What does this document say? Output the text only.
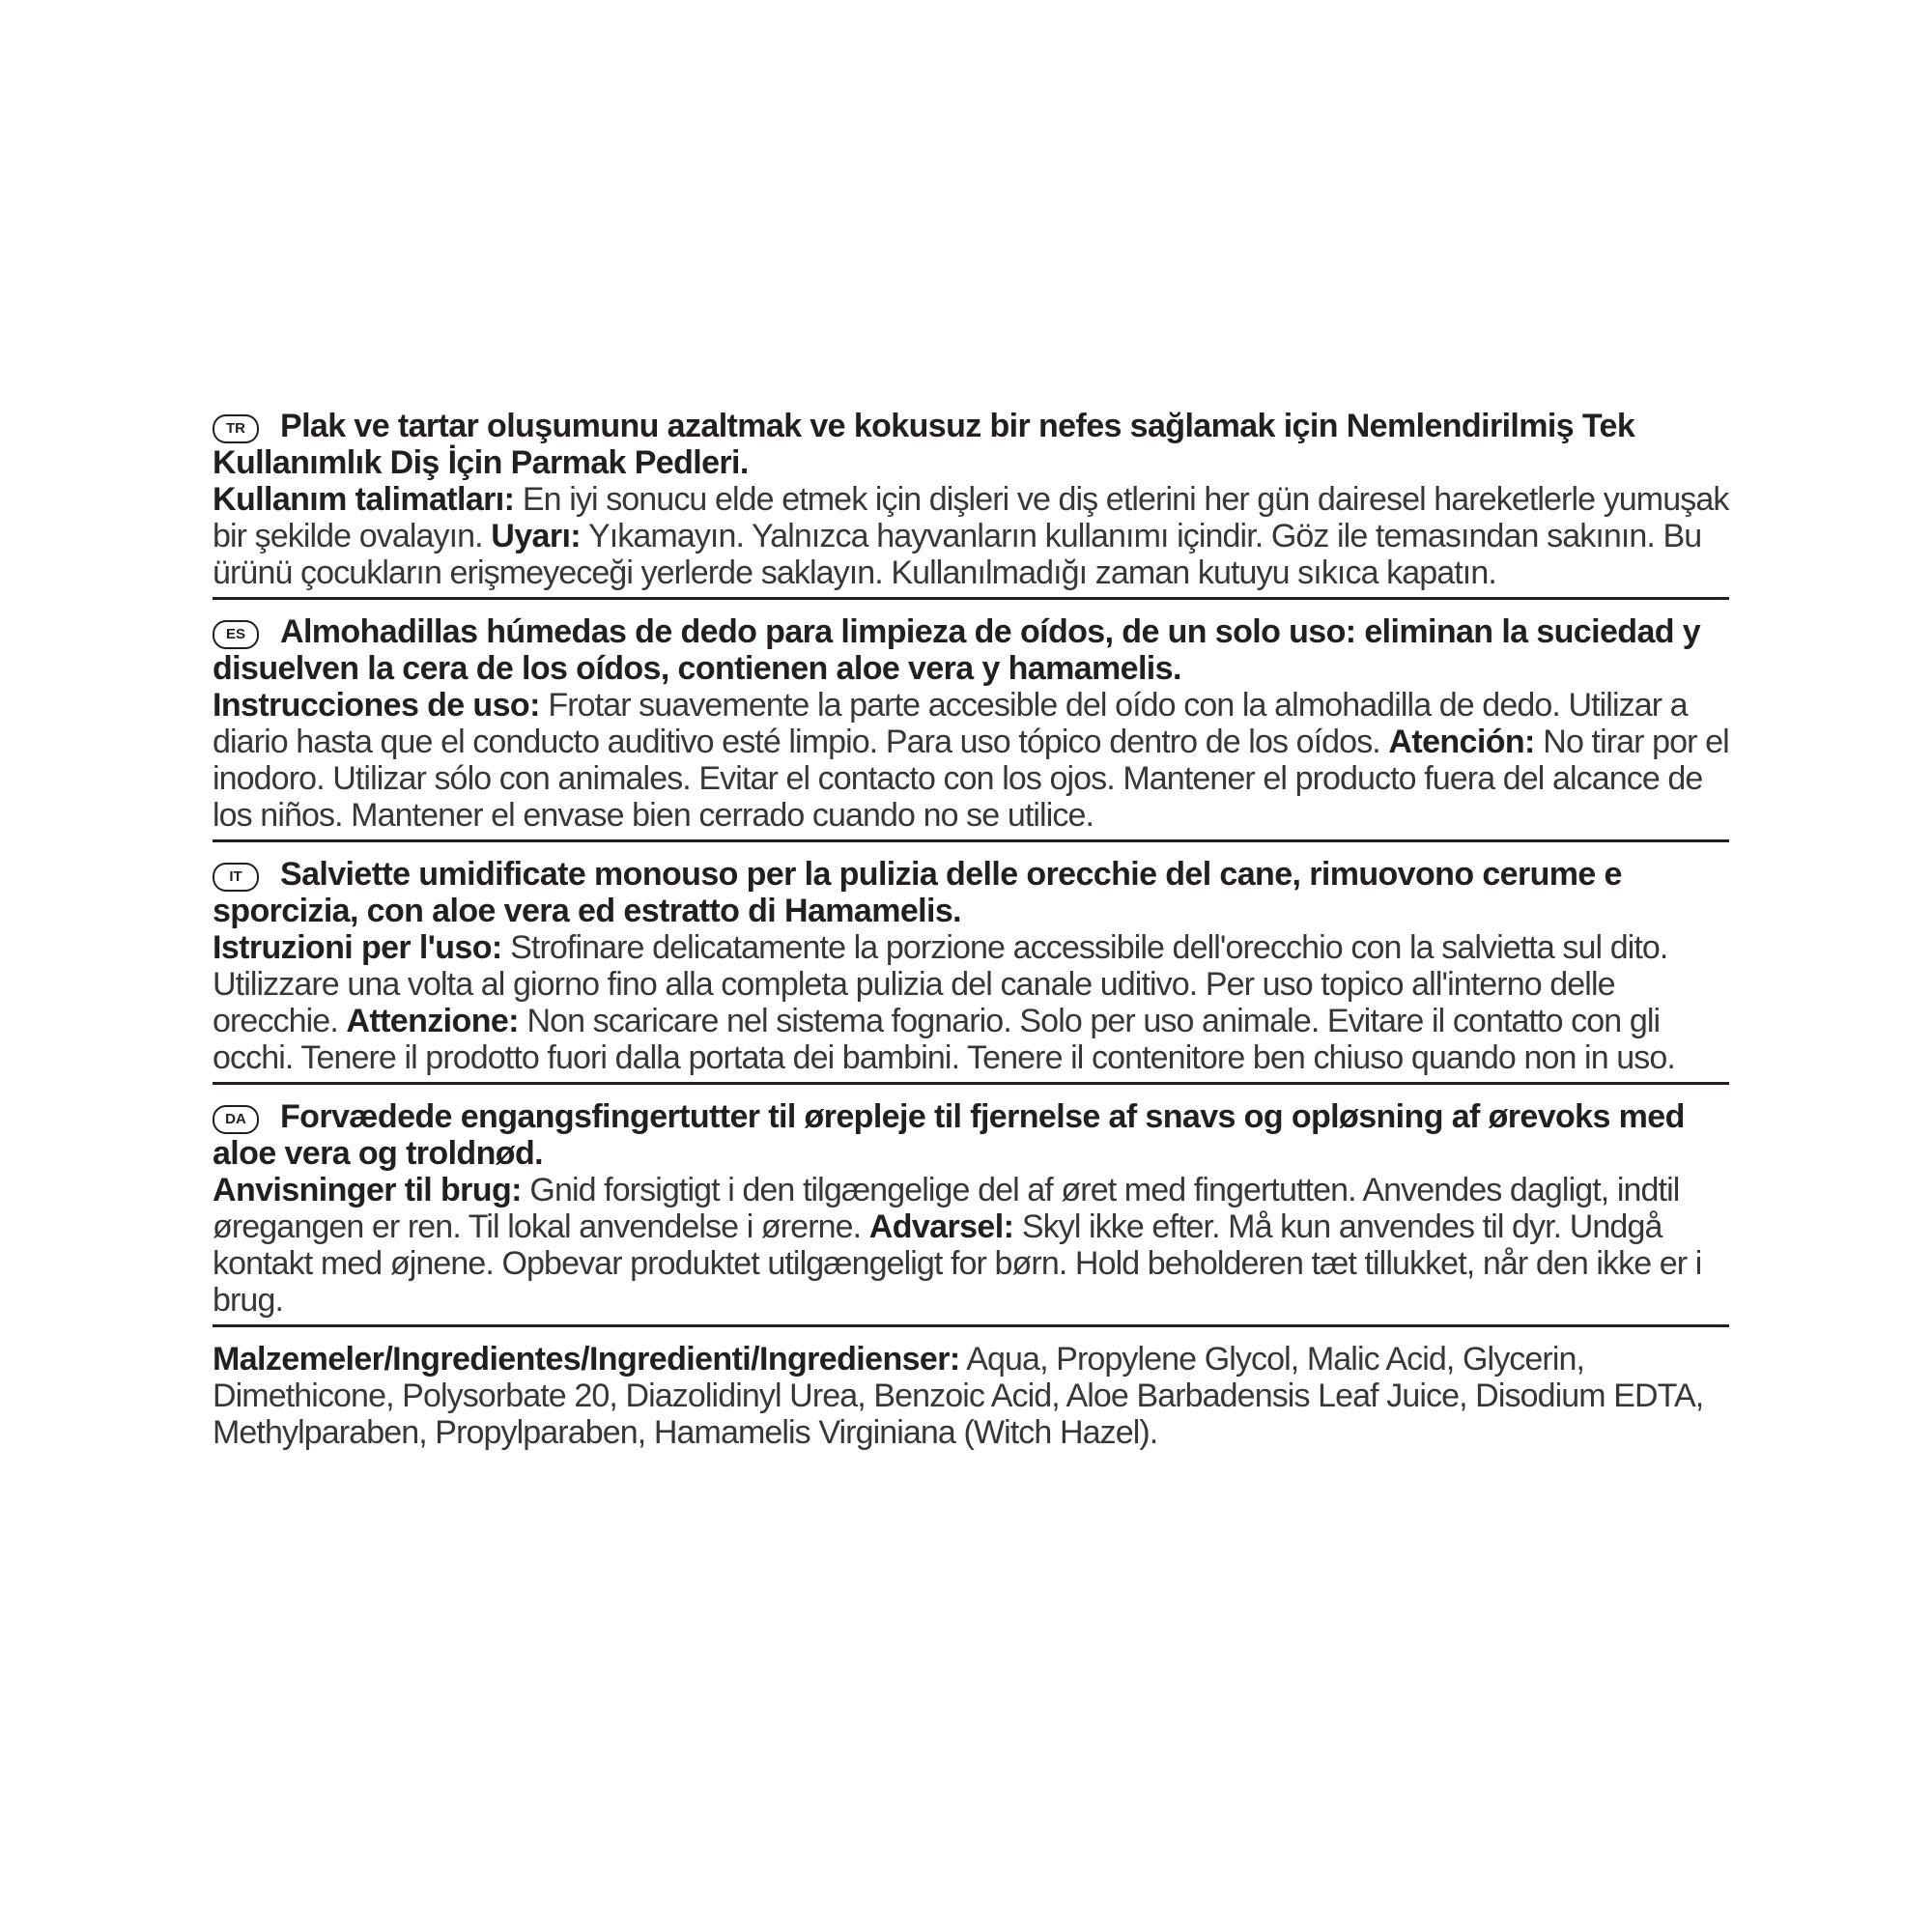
TR Plak ve tartar oluşumunu azaltmak ve kokusuz bir nefes sağlamak için Nemlendirilmiş Tek Kullanımlık Diş İçin Parmak Pedleri.

Kullanım talimatları: En iyi sonucu elde etmek için dişleri ve diş etlerini her gün dairesel hareketlerle yumuşak bir şekilde ovalayın. Uyarı: Yıkamayın. Yalnızca hayvanların kullanımı içindir. Göz ile temasından sakının. Bu ürünü çocukların erişmeyeceği yerlerde saklayın. Kullanılmadığı zaman kutuyu sıkıca kapatın.

ES Almohadillas húmedas de dedo para limpieza de oídos, de un solo uso: eliminan la suciedad y disuelven la cera de los oídos, contienen aloe vera y hamamelis.

Instrucciones de uso: Frotar suavemente la parte accesible del oído con la almohadilla de dedo. Utilizar a diario hasta que el conducto auditivo esté limpio. Para uso tópico dentro de los oídos. Atención: No tirar por el inodoro. Utilizar sólo con animales. Evitar el contacto con los ojos. Mantener el producto fuera del alcance de los niños. Mantener el envase bien cerrado cuando no se utilice.

IT Salviette umidificate monouso per la pulizia delle orecchie del cane, rimuovono cerume e sporcizia, con aloe vera ed estratto di Hamamelis.

Istruzioni per l'uso: Strofinare delicatamente la porzione accessibile dell'orecchio con la salvietta sul dito. Utilizzare una volta al giorno fino alla completa pulizia del canale uditivo. Per uso topico all'interno delle orecchie. Attenzione: Non scaricare nel sistema fognario. Solo per uso animale. Evitare il contatto con gli occhi. Tenere il prodotto fuori dalla portata dei bambini. Tenere il contenitore ben chiuso quando non in uso.

DA Forvædede engangsfingertutter til ørepleje til fjernelse af snavs og opløsning af ørevoks med aloe vera og troldnød.

Anvisninger til brug: Gnid forsigtigt i den tilgængelige del af øret med fingertutten. Anvendes dagligt, indtil øregangen er ren. Til lokal anvendelse i ørerne. Advarsel: Skyl ikke efter. Må kun anvendes til dyr. Undgå kontakt med øjnene. Opbevar produktet utilgængeligt for børn. Hold beholderen tæt tillukket, når den ikke er i brug.

Malzemeler/Ingredientes/Ingredienti/Ingredienser: Aqua, Propylene Glycol, Malic Acid, Glycerin, Dimethicone, Polysorbate 20, Diazolidinyl Urea, Benzoic Acid, Aloe Barbadensis Leaf Juice, Disodium EDTA, Methylparaben, Propylparaben, Hamamelis Virginiana (Witch Hazel).
